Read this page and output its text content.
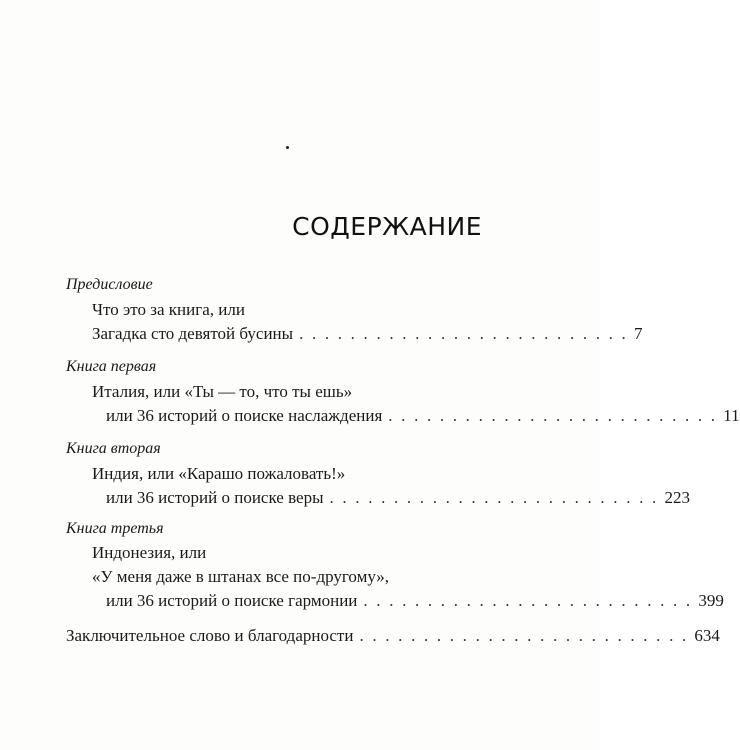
СОДЕРЖАНИЕ
Предисловие
Что это за книга, или
Загадка сто девятой бусины . . . . . . . . . . . . . . . . . . . . . . . . . . 7
Книга первая
Италия, или «Ты — то, что ты ешь»
или 36 историй о поиске наслаждения . . . . . . . . . . . . . . . . . . . . . . . . . . 11
Книга вторая
Индия, или «Карашо пожаловать!»
или 36 историй о поиске веры . . . . . . . . . . . . . . . . . . . . . . . . . . 223
Книга третья
Индонезия, или
«У меня даже в штанах все по-другому»,
или 36 историй о поиске гармонии . . . . . . . . . . . . . . . . . . . . . . . . . . 399
Заключительное слово и благодарности . . . . . . . . . . . . . . . . . . . . . . . . . . 634
